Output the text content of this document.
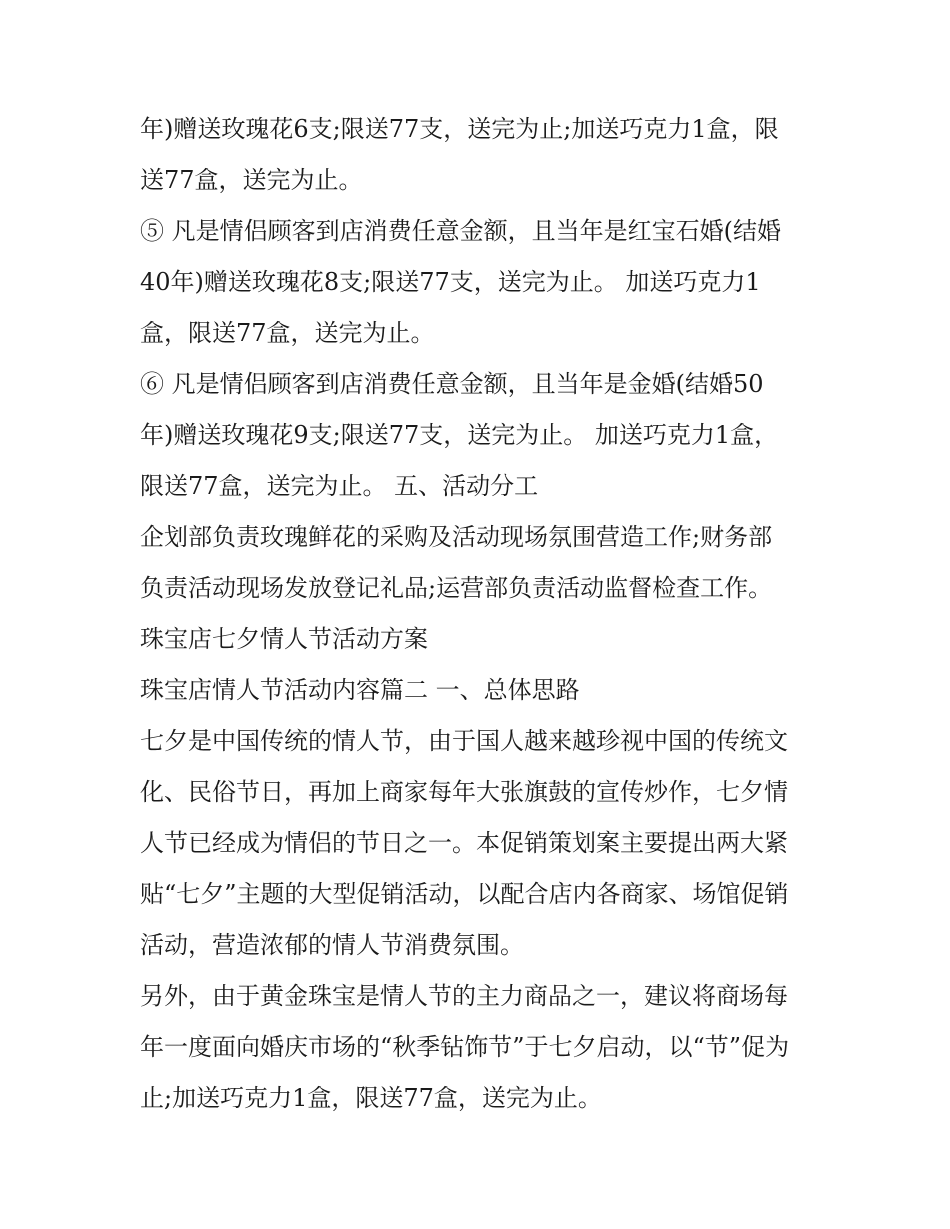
年)赠送玫瑰花6支;限送77支，送完为止;加送巧克力1盒，限
送77盒，送完为止。
⑤ 凡是情侣顾客到店消费任意金额，且当年是红宝石婚(结婚
40年)赠送玫瑰花8支;限送77支，送完为止。 加送巧克力1
盒，限送77盒，送完为止。
⑥ 凡是情侣顾客到店消费任意金额，且当年是金婚(结婚50
年)赠送玫瑰花9支;限送77支，送完为止。 加送巧克力1盒，
限送77盒，送完为止。 五、活动分工
企划部负责玫瑰鲜花的采购及活动现场氛围营造工作;财务部
负责活动现场发放登记礼品;运营部负责活动监督检查工作。
珠宝店七夕情人节活动方案
珠宝店情人节活动内容篇二 一、总体思路
七夕是中国传统的情人节，由于国人越来越珍视中国的传统文
化、民俗节日，再加上商家每年大张旗鼓的宣传炒作，七夕情
人节已经成为情侣的节日之一。本促销策划案主要提出两大紧
贴“七夕”主题的大型促销活动，以配合店内各商家、场馆促销
活动，营造浓郁的情人节消费氛围。
另外，由于黄金珠宝是情人节的主力商品之一，建议将商场每
年一度面向婚庆市场的“秋季钻饰节”于七夕启动，以“节”促为
止;加送巧克力1盒，限送77盒，送完为止。
